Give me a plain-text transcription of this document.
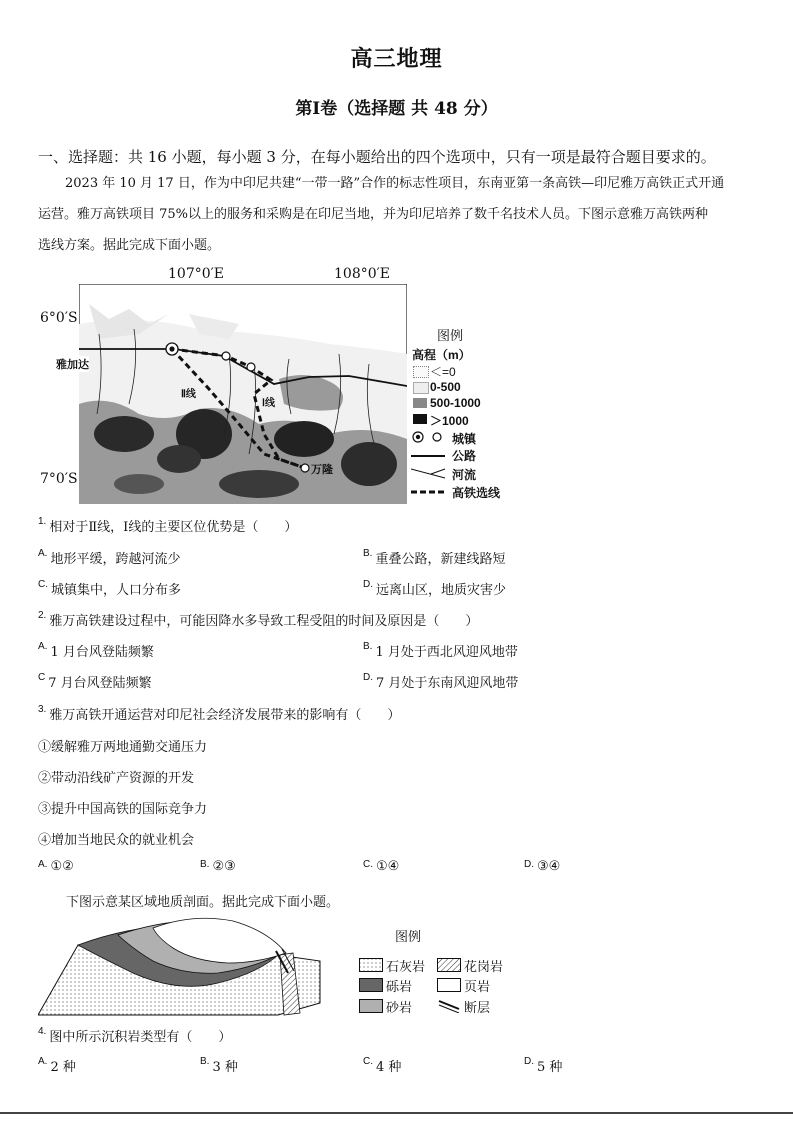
高三地理
第Ⅰ卷（选择题 共 48 分）
一、选择题：共 16 小题，每小题 3 分，在每小题给出的四个选项中，只有一项是最符合题目要求的。
2023 年 10 月 17 日，作为中印尼共建“一带一路”合作的标志性项目，东南亚第一条高铁—印尼雅万高铁正式开通
运营。雅万高铁项目 75%以上的服务和采购是在印尼当地，并为印尼培养了数千名技术人员。下图示意雅万高铁两种
选线方案。据此完成下面小题。
107°0′E	108°0′E
6°0′S
7°0′S
雅加达
万隆
Ⅰ线
Ⅱ线
图例
高程（m）
＜=0
0-500
500-1000
＞1000
城镇
公路
河流
高铁选线
$^{1.}$ 相对于Ⅱ线，Ⅰ线的主要区位优势是（　　）
$^{A.}$ 地形平缓，跨越河流少	$^{B.}$ 重叠公路，新建线路短
$^{C.}$ 城镇集中，人口分布多	$^{D.}$ 远离山区，地质灾害少
$^{2.}$ 雅万高铁建设过程中，可能因降水多导致工程受阻的时间及原因是（　　）
$^{A.}$ 1 月台风登陆频繁	$^{B.}$ 1 月处于西北风迎风地带
$^C$ 7 月台风登陆频繁	$^{D.}$ 7 月处于东南风迎风地带
$^{3.}$ 雅万高铁开通运营对印尼社会经济发展带来的影响有（　　）
①缓解雅万两地通勤交通压力
②带动沿线矿产资源的开发
③提升中国高铁的国际竞争力
④增加当地民众的就业机会
$^{A.}$ ①②	$^{B.}$ ②③	$^{C.}$ ①④	$^{D.}$ ③④
下图示意某区域地质剖面。据此完成下面小题。
图例
石灰岩	花岗岩
砾岩	页岩
砂岩	断层
$^{4.}$ 图中所示沉积岩类型有（　　）
$^{A.}$ 2 种	$^{B.}$ 3 种	$^{C.}$ 4 种	$^{D.}$ 5 种
